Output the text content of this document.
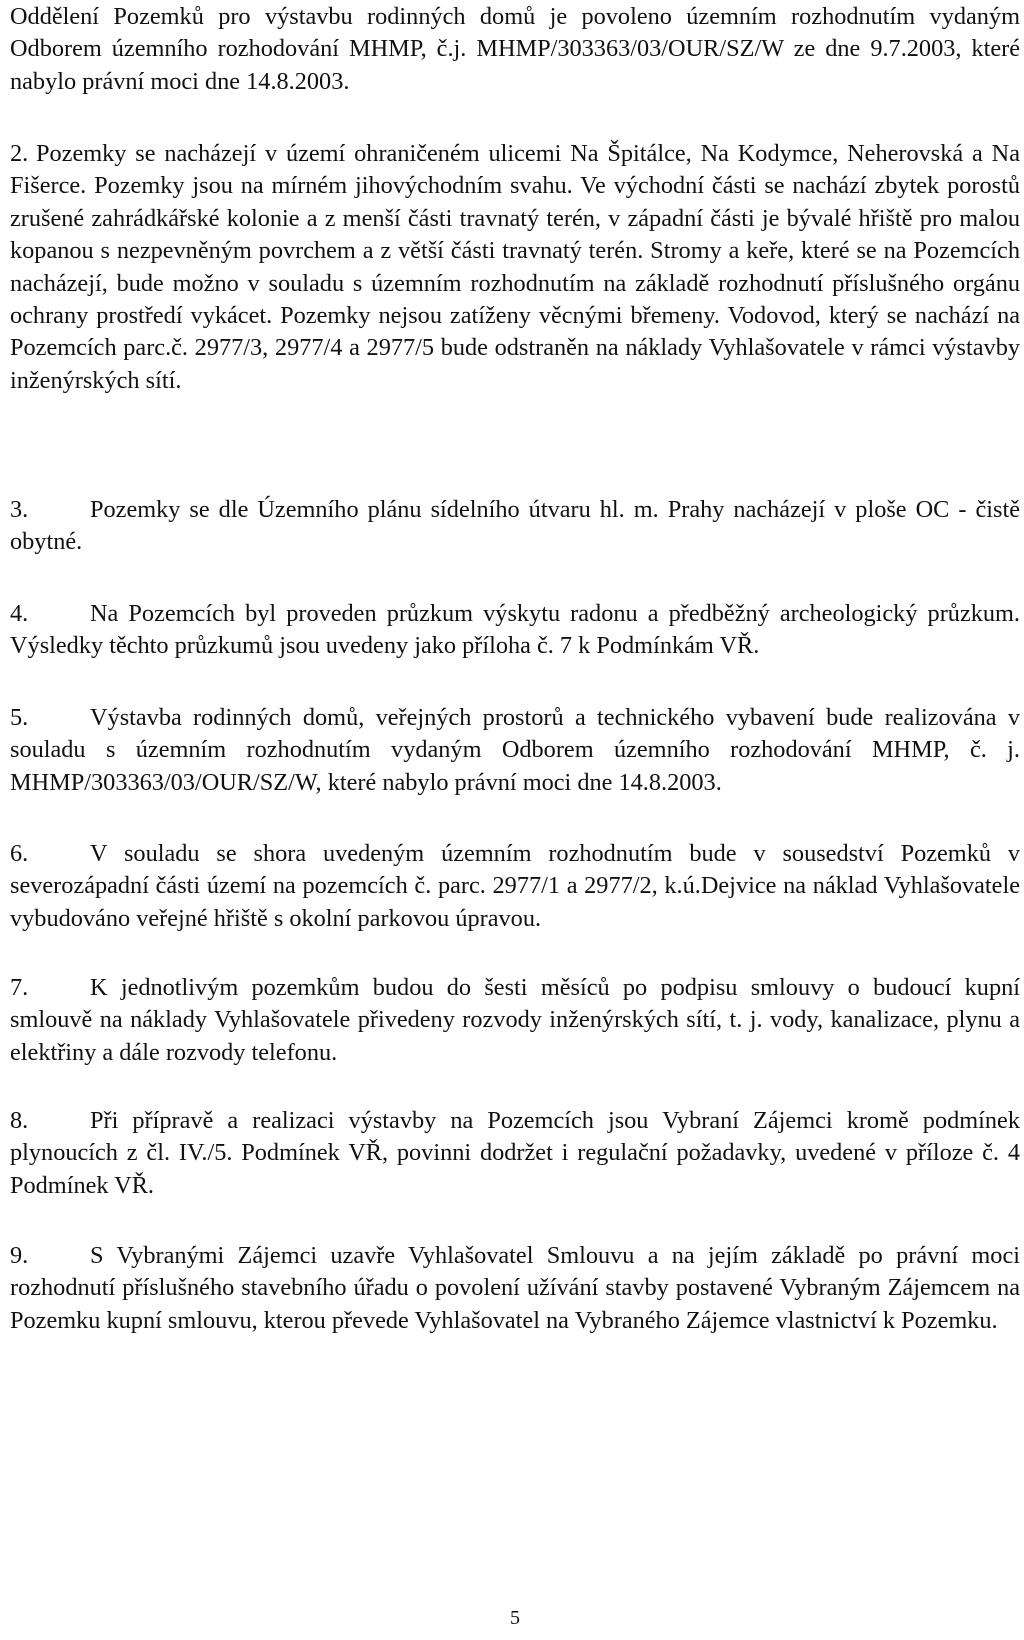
Oddělení Pozemků pro výstavbu rodinných domů je povoleno územním rozhodnutím vydaným Odborem územního rozhodování MHMP, č.j. MHMP/303363/03/OUR/SZ/W ze dne 9.7.2003, které nabylo právní moci dne 14.8.2003.

2. Pozemky se nacházejí v území ohraničeném ulicemi Na Špitálce, Na Kodymce, Neherovská a Na Fišerce. Pozemky jsou na mírném jihovýchodním svahu. Ve východní části se nachází zbytek porostů zrušené zahrádkářské kolonie a z menší části travnatý terén, v západní části je bývalé hřiště pro malou kopanou s nezpevněným povrchem a z větší části travnatý terén. Stromy a keře, které se na Pozemcích nacházejí, bude možno v souladu s územním rozhodnutím na základě rozhodnutí příslušného orgánu ochrany prostředí vykácet. Pozemky nejsou zatíženy věcnými břemeny. Vodovod, který se nachází na Pozemcích parc.č. 2977/3, 2977/4 a 2977/5 bude odstraněn na náklady Vyhlašovatele v rámci výstavby inženýrských sítí.

3.	Pozemky se dle Územního plánu sídelního útvaru hl. m. Prahy nacházejí v ploše OC - čistě obytné.

4.	Na Pozemcích byl proveden průzkum výskytu radonu a předběžný archeologický průzkum. Výsledky těchto průzkumů jsou uvedeny jako příloha č. 7 k Podmínkám VŘ.

5.	Výstavba rodinných domů, veřejných prostorů a technického vybavení bude realizována v souladu s územním rozhodnutím vydaným Odborem územního rozhodování MHMP, č. j. MHMP/303363/03/OUR/SZ/W, které nabylo právní moci dne 14.8.2003.

6.	V souladu se shora uvedeným územním rozhodnutím bude v sousedství Pozemků v severozápadní části území na pozemcích č. parc. 2977/1 a 2977/2, k.ú.Dejvice na náklad Vyhlašovatele vybudováno veřejné hřiště s okolní parkovou úpravou.

7.	K jednotlivým pozemkům budou do šesti měsíců po podpisu smlouvy o budoucí kupní smlouvě na náklady Vyhlašovatele přivedeny rozvody inženýrských sítí, t. j. vody, kanalizace, plynu a elektřiny a dále rozvody telefonu.

8.	Při přípravě a realizaci výstavby na Pozemcích jsou Vybraní Zájemci kromě podmínek plynoucích z čl. IV./5. Podmínek VŘ, povinni dodržet i regulační požadavky, uvedené v příloze č. 4 Podmínek VŘ.

9.	S Vybranými Zájemci uzavře Vyhlašovatel Smlouvu a na jejím základě po právní moci rozhodnutí příslušného stavebního úřadu o povolení užívání stavby postavené Vybraným Zájemcem na Pozemku kupní smlouvu, kterou převede Vyhlašovatel na Vybraného Zájemce vlastnictví k Pozemku.

5
